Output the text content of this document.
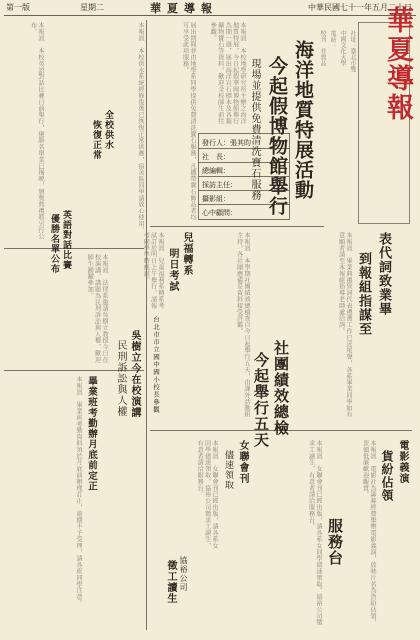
中華民國七十一年五月二十日
星期二	華夏導報
第一版	華夏導報
社址：臺北市雙
中國文化大學
電話：
校刊　非賣品
發行人：張其昀
社　長：
總編輯：
採訪主任：
攝影組：
心中顧問：
海洋地質特展活動
今起假博物館舉行
現場並提供免費清洗寶石服務
本報訊　本校地學研究所主辦之海洋地質特展，今日起假華岡博物館舉行為期一週，展出海洋岩石標本及各類礦物寶石等資料，歡迎全校師生前往參觀。
展出期間並由地學系同學提供免費清洗寶石服務，凡攜帶寶石飾品者均可享受此項服務。
表代詞致業畢
到報組指謀至
本報訊　畢業典禮致詞代表遴選工作已近尾聲，各系畢業同學如有意願者請至本報組指導老師處洽詢。
社團績效總檢
今起舉行五天
本報訊　本學期社團績效總檢查自今日起舉行五天，由課外活動組主持，各社團應備妥資料接受評鑑。
兒福轉系
明日考試
本報訊　兒童福利系轉系考試訂於明日上午舉行，請報考同學準時應試。
台北市市立國中國小校長參觀
吳樹立今在校演講
民刑訴訟與人權
本報訊　本校供水系統經修復後已恢復正常供應，宿舍區同學請放心使用。
全校供水
恢復正常
英語對話比賽
優勝名單公布
本報訊　本校英語對話比賽日前舉行，優勝名單業已揭曉，頒獎典禮將另行公布。
本報訊　法律系邀請吳樹立教授今日在校演講，講題為民刑訴訟與人權，歡迎師生踴躍參加。
畢業班考勤辦月底前定正
本報訊　畢業班考勤資料須於月底前辦理訂正，逾期不予受理，請各班同學注意。	電影義演
貨紛佔領
本報訊　電影社為籌募經費舉辦電影義演，放映片名為貨紛佔領，票價低廉歡迎觀賞。
服務台
女聯會刊
儘速領取	本報訊　女聯會刊已經出版，請各系女同學儘速領取。協裕公司徵求工讀生，有意者請洽服務台。
徵工讀生 協裕公司
本報訊　女聯會刊已經出版，請各系女同學儘速領取。協裕公司徵求工讀生，有意者請洽服務台。
